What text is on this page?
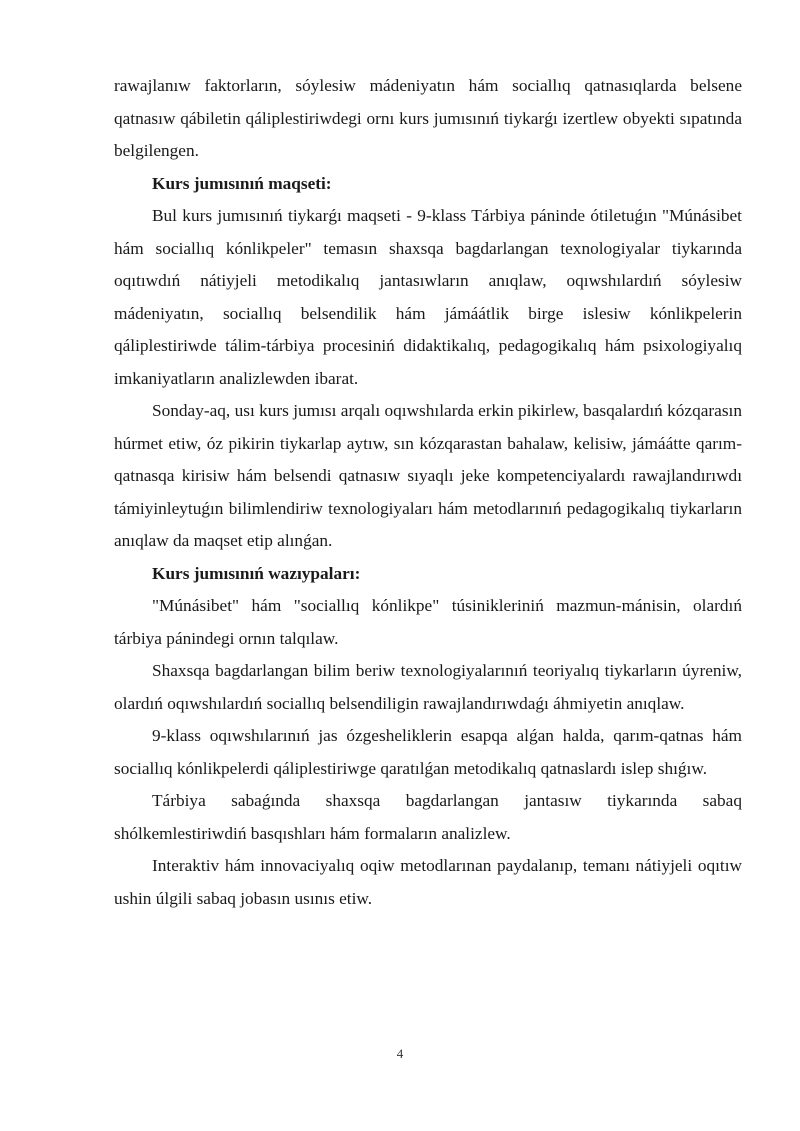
rawajlanıw faktorların, sóylesiw mádeniyatın hám sociallıq qatnasıqlarda belsene qatnasıw qábiletin qáliplestiriwdegi ornı kurs jumısınıń tiykarǵı izertlew obyekti sıpatında belgilengen.

Kurs jumısınıń maqseti:

Bul kurs jumısınıń tiykarǵı maqseti - 9-klass Tárbiya páninde ótiletuǵın "Múnásibet hám sociallıq kónlikpeler" temasın shaxsqa bagdarlangan texnologiyalar tiykarında oqıtıwdıń nátiyjeli metodikalıq jantasıwların anıqlaw, oqıwshılardıń sóylesiw mádeniyatın, sociallıq belsendilik hám jámáátlik birge islesiw kónlikpelerin qáliplestiriwde tálim-tárbiya procesiniń didaktikalıq, pedagogikalıq hám psixologiyalıq imkaniyatların analizlewden ibarat.

Sonday-aq, usı kurs jumısı arqalı oqıwshılarda erkin pikirlew, basqalardıń kózqarasın húrmet etiw, óz pikirin tiykarlap aytıw, sın kózqarastan bahalaw, kelisiw, jámáátte qarım-qatnasqa kirisiw hám belsendi qatnasıw sıyaqlı jeke kompetenciyalardı rawajlandırıwdı támiyinleytuǵın bilimlendiriw texnologiyaları hám metodlarınıń pedagogikalıq tiykarların anıqlaw da maqset etip alınǵan.

Kurs jumısınıń wazıypaları:

"Múnásibet" hám "sociallıq kónlikpe" túsinikleriniń mazmun-mánisin, olardıń tárbiya pánindegi ornın talqılaw.

Shaxsqa bagdarlangan bilim beriw texnologiyalarınıń teoriyalıq tiykarların úyreniw, olardıń oqıwshılardıń sociallıq belsendiligin rawajlandırıwdaǵı áhmiyetin anıqlaw.

9-klass oqıwshılarınıń jas ózgesheliklerin esapqa alǵan halda, qarım-qatnas hám sociallıq kónlikpelerdi qáliplestiriwge qaratılǵan metodikalıq qatnaslardı islep shıǵıw.

Tárbiya sabaǵında shaxsqa bagdarlangan jantasıw tiykarında sabaq shólkemlestiriwdiń basqıshları hám formaların analizlew.

Interaktiv hám innovaciyalıq oqiw metodlarınan paydalanıp, temanı nátiyjeli oqıtıw ushin úlgili sabaq jobasın usınıs etiw.

4
